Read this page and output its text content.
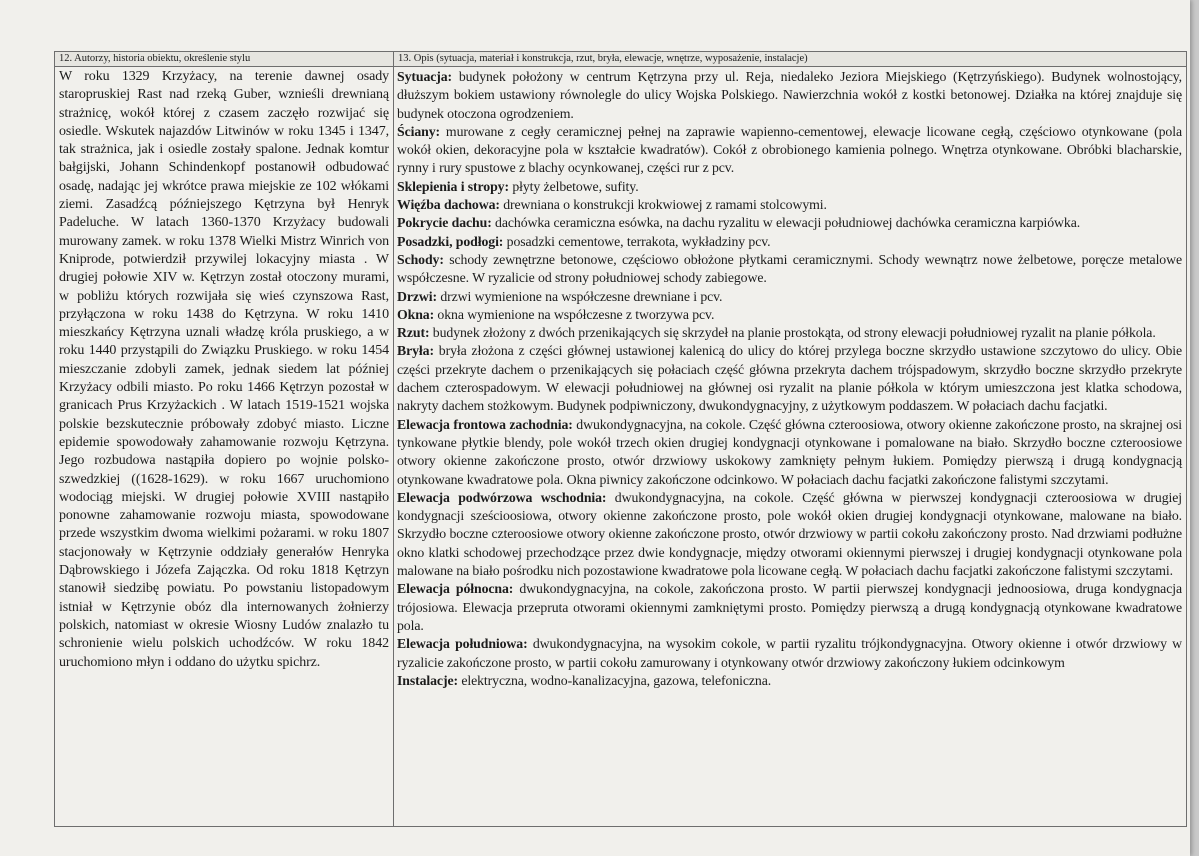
12. Autorzy, historia obiektu, określenie stylu
W roku 1329 Krzyżacy, na terenie dawnej osady staropruskiej Rast nad rzeką Guber, wznieśli drewnianą strażnicę, wokół której z czasem zaczęło rozwijać się osiedle. Wskutek najazdów Litwinów w roku 1345 i 1347, tak strażnica, jak i osiedle zostały spalone. Jednak komtur bałgijski, Johann Schindenkopf postanowił odbudować osadę, nadając jej wkrótce prawa miejskie ze 102 włókami ziemi. Zasadźcą późniejszego Kętrzyna był Henryk Padeluche. W latach 1360-1370 Krzyżacy budowali murowany zamek. w roku 1378 Wielki Mistrz Winrich von Kniprode, potwierdził przywilej lokacyjny miasta . W drugiej połowie XIV w. Kętrzyn został otoczony murami, w pobliżu których rozwijała się wieś czynszowa Rast, przyłączona w roku 1438 do Kętrzyna. W roku 1410 mieszkańcy Kętrzyna uznali władzę króla pruskiego, a w roku 1440 przystąpili do Związku Pruskiego. w roku 1454 mieszczanie zdobyli zamek, jednak siedem lat później Krzyżacy odbili miasto. Po roku 1466 Kętrzyn pozostał w granicach Prus Krzyżackich . W latach 1519-1521 wojska polskie bezskutecznie próbowały zdobyć miasto. Liczne epidemie spowodowały zahamowanie rozwoju Kętrzyna. Jego rozbudowa nastąpiła dopiero po wojnie polsko-szwedzkiej ((1628-1629). w roku 1667 uruchomiono wodociąg miejski. W drugiej połowie XVIII nastąpiło ponowne zahamowanie rozwoju miasta, spowodowane przede wszystkim dwoma wielkimi pożarami. w roku 1807 stacjonowały w Kętrzynie oddziały generałów Henryka Dąbrowskiego i Józefa Zajączka. Od roku 1818 Kętrzyn stanowił siedzibę powiatu. Po powstaniu listopadowym istniał w Kętrzynie obóz dla internowanych żołnierzy polskich, natomiast w okresie Wiosny Ludów znalazło tu schronienie wielu polskich uchodźców. W roku 1842 uruchomiono młyn i oddano do użytku spichrz.
13. Opis (sytuacja, materiał i konstrukcja, rzut, bryła, elewacje, wnętrze, wyposażenie, instalacje)

Sytuacja: budynek położony w centrum Kętrzyna przy ul. Reja, niedaleko Jeziora Miejskiego (Kętrzyńskiego). Budynek wolnostojący, dłuższym bokiem ustawiony równolegle do ulicy Wojska Polskiego. Nawierzchnia wokół z kostki betonowej. Działka na której znajduje się budynek otoczona ogrodzeniem.

Ściany: murowane z cegły ceramicznej pełnej na zaprawie wapienno-cementowej, elewacje licowane cegłą, częściowo otynkowane (pola wokół okien, dekoracyjne pola w kształcie kwadratów). Cokół z obrobionego kamienia polnego. Wnętrza otynkowane. Obróbki blacharskie, rynny i rury spustowe z blachy ocynkowanej, części rur z pcv.

Sklepienia i stropy: płyty żelbetowe, sufity.

Więźba dachowa: drewniana o konstrukcji krokwiowej z ramami stolcowymi.

Pokrycie dachu: dachówka ceramiczna esówka, na dachu ryzalitu w elewacji południowej dachówka ceramiczna karpiówka.

Posadzki, podłogi: posadzki cementowe, terrakota, wykładziny pcv.

Schody: schody zewnętrzne betonowe, częściowo obłożone płytkami ceramicznymi. Schody wewnątrz nowe żelbetowe, poręcze metalowe współczesne. W ryzalicie od strony południowej schody zabiegowe.

Drzwi: drzwi wymienione na współczesne drewniane i pcv.

Okna: okna wymienione na współczesne z tworzywa pcv.

Rzut: budynek złożony z dwóch przenikających się skrzydeł na planie prostokąta, od strony elewacji południowej ryzalit na planie półkola.

Bryła: bryła złożona z części głównej ustawionej kalenicą do ulicy do której przylega boczne skrzydło ustawione szczytowo do ulicy. Obie części przekryte dachem o przenikających się połaciach część główna przekryta dachem trójspadowym, skrzydło boczne skrzydło przekryte dachem czterospadowym. W elewacji południowej na głównej osi ryzalit na planie półkola w którym umieszczona jest klatka schodowa, nakryty dachem stożkowym. Budynek podpiwniczony, dwukondygnacyjny, z użytkowym poddaszem. W połaciach dachu facjatki.

Elewacja frontowa zachodnia: dwukondygnacyjna, na cokole. Część główna czteroosiowa, otwory okienne zakończone prosto, na skrajnej osi tynkowane płytkie blendy, pole wokół trzech okien drugiej kondygnacji otynkowane i pomalowane na biało. Skrzydło boczne czteroosiowe otwory okienne zakończone prosto, otwór drzwiowy uskokowy zamknięty pełnym łukiem. Pomiędzy pierwszą i drugą kondygnacją otynkowane kwadratowe pola. Okna piwnicy zakończone odcinkowo. W połaciach dachu facjatki zakończone falistymi szczytami.

Elewacja podwórzowa wschodnia: dwukondygnacyjna, na cokole. Część główna w pierwszej kondygnacji czteroosiowa w drugiej kondygnacji sześcioosiowa, otwory okienne zakończone prosto, pole wokół okien drugiej kondygnacji otynkowane, malowane na biało. Skrzydło boczne czteroosiowe otwory okienne zakończone prosto, otwór drzwiowy w partii cokołu zakończony prosto. Nad drzwiami podłużne okno klatki schodowej przechodzące przez dwie kondygnacje, między otworami okiennymi pierwszej i drugiej kondygnacji otynkowane pola malowane na biało pośrodku nich pozostawione kwadratowe pola licowane cegłą. W połaciach dachu facjatki zakończone falistymi szczytami.

Elewacja północna: dwukondygnacyjna, na cokole, zakończona prosto. W partii pierwszej kondygnacji jednoosiowa, druga kondygnacja trójosiowa. Elewacja przepruta otworami okiennymi zamkniętymi prosto. Pomiędzy pierwszą a drugą kondygnacją otynkowane kwadratowe pola.

Elewacja południowa: dwukondygnacyjna, na wysokim cokole, w partii ryzalitu trójkondygnacyjna. Otwory okienne i otwór drzwiowy w ryzalicie zakończone prosto, w partii cokołu zamurowany i otynkowany otwór drzwiowy zakończony łukiem odcinkowym

Instalacje: elektryczna, wodno-kanalizacyjna, gazowa, telefoniczna.
